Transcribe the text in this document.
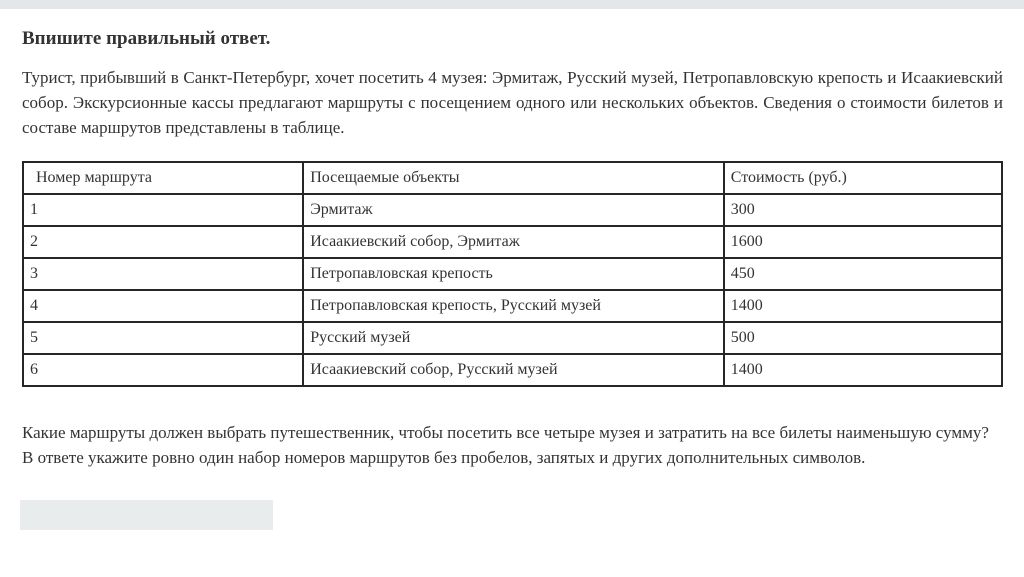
Впишите правильный ответ.

Турист, прибывший в Санкт-Петербург, хочет посетить 4 музея: Эрмитаж, Русский музей, Петропавловскую крепость и Исаакиевский собор. Экскурсионные кассы предлагают маршруты с посещением одного или нескольких объектов. Сведения о стоимости билетов и составе маршрутов представлены в таблице.

Номер маршрута	Посещаемые объекты	Стоимость (руб.)
1	Эрмитаж	300
2	Исаакиевский собор, Эрмитаж	1600
3	Петропавловская крепость	450
4	Петропавловская крепость, Русский музей	1400
5	Русский музей	500
6	Исаакиевский собор, Русский музей	1400
Какие маршруты должен выбрать путешественник, чтобы посетить все четыре музея и затратить на все билеты наименьшую сумму?
В ответе укажите ровно один набор номеров маршрутов без пробелов, запятых и других дополнительных символов.
